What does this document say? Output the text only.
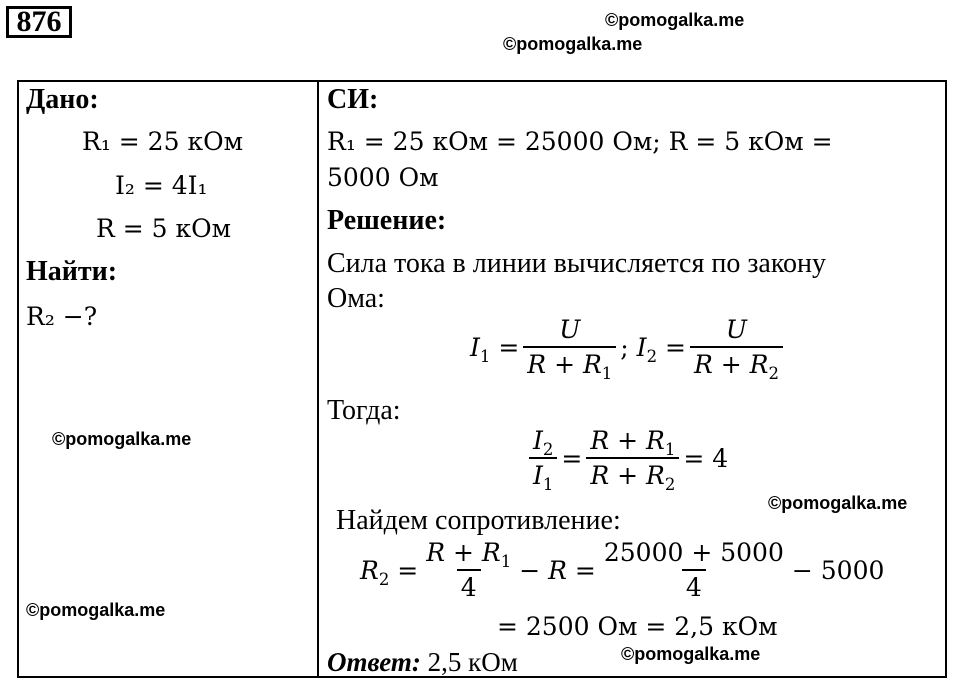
876	©pomogalka.me
©pomogalka.me
Дано:
R₁ = 25 кОм
I₂ = 4I₁
R = 5 кОм
Найти:
R₂ −?
©pomogalka.me
©pomogalka.me
СИ:
R₁ = 25 кОм = 25000 Ом; R = 5 кОм =
5000 Ом
Решение:
Сила тока в линии вычисляется по закону
Ома:
$I_1 = \frac{U}{R + R_1}$ ; $I_2 = \frac{U}{R + R_2}$
Тогда:
$\frac{I_2}{I_1} = \frac{R + R_1}{R + R_2} = 4$
©pomogalka.me
Найдем сопротивление:
$R_2 = \frac{R + R_1}{4} - R = \frac{25000 + 5000}{4} - 5000$
= 2500 Ом = 2,5 кОм
Ответ: 2,5 кОм	©pomogalka.me
